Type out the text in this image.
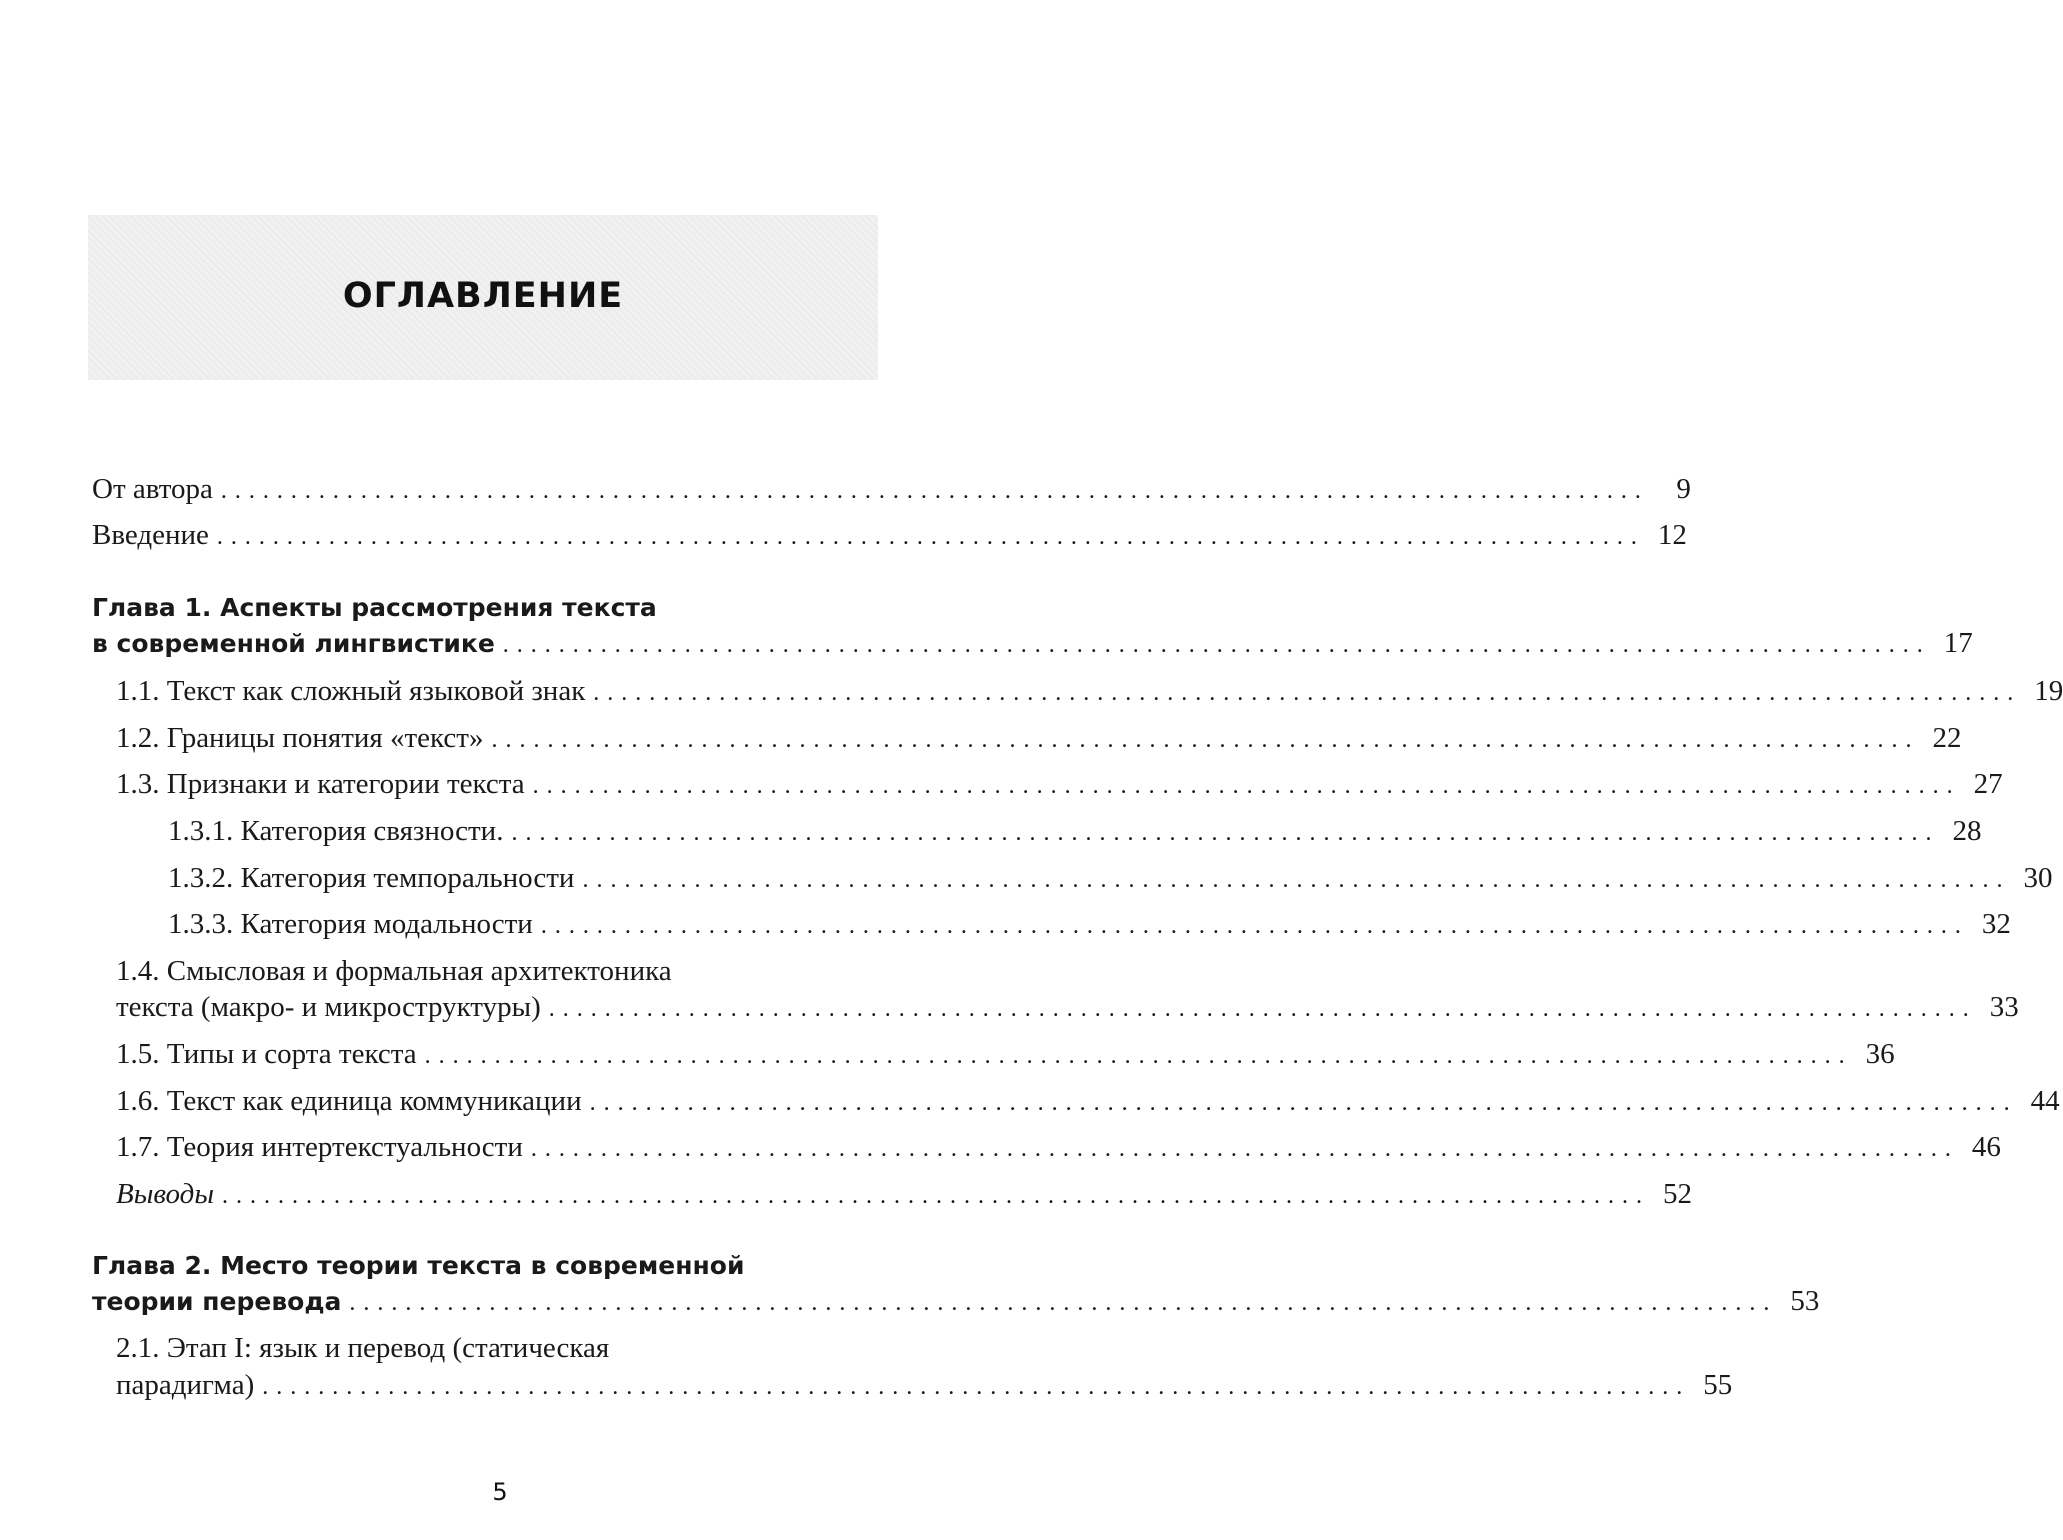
ОГЛАВЛЕНИЕ
От автора ...................................................................................................... 9
Введение ...................................................................................................... 12
Глава 1. Аспекты рассмотрения текста
в современной лингвистике ...................................................................................................... 17
1.1. Текст как сложный языковой знак ...................................................................................................... 19
1.2. Границы понятия «текст» ...................................................................................................... 22
1.3. Признаки и категории текста ...................................................................................................... 27
1.3.1. Категория связности. ...................................................................................................... 28
1.3.2. Категория темпоральности ...................................................................................................... 30
1.3.3. Категория модальности ...................................................................................................... 32
1.4. Смысловая и формальная архитектоника
текста (макро- и микроструктуры) ...................................................................................................... 33
1.5. Типы и сорта текста ...................................................................................................... 36
1.6. Текст как единица коммуникации ...................................................................................................... 44
1.7. Теория интертекстуальности ...................................................................................................... 46
Выводы ...................................................................................................... 52
Глава 2. Место теории текста в современной
теории перевода ...................................................................................................... 53
2.1. Этап I: язык и перевод (статическая
парадигма) ...................................................................................................... 55
5
